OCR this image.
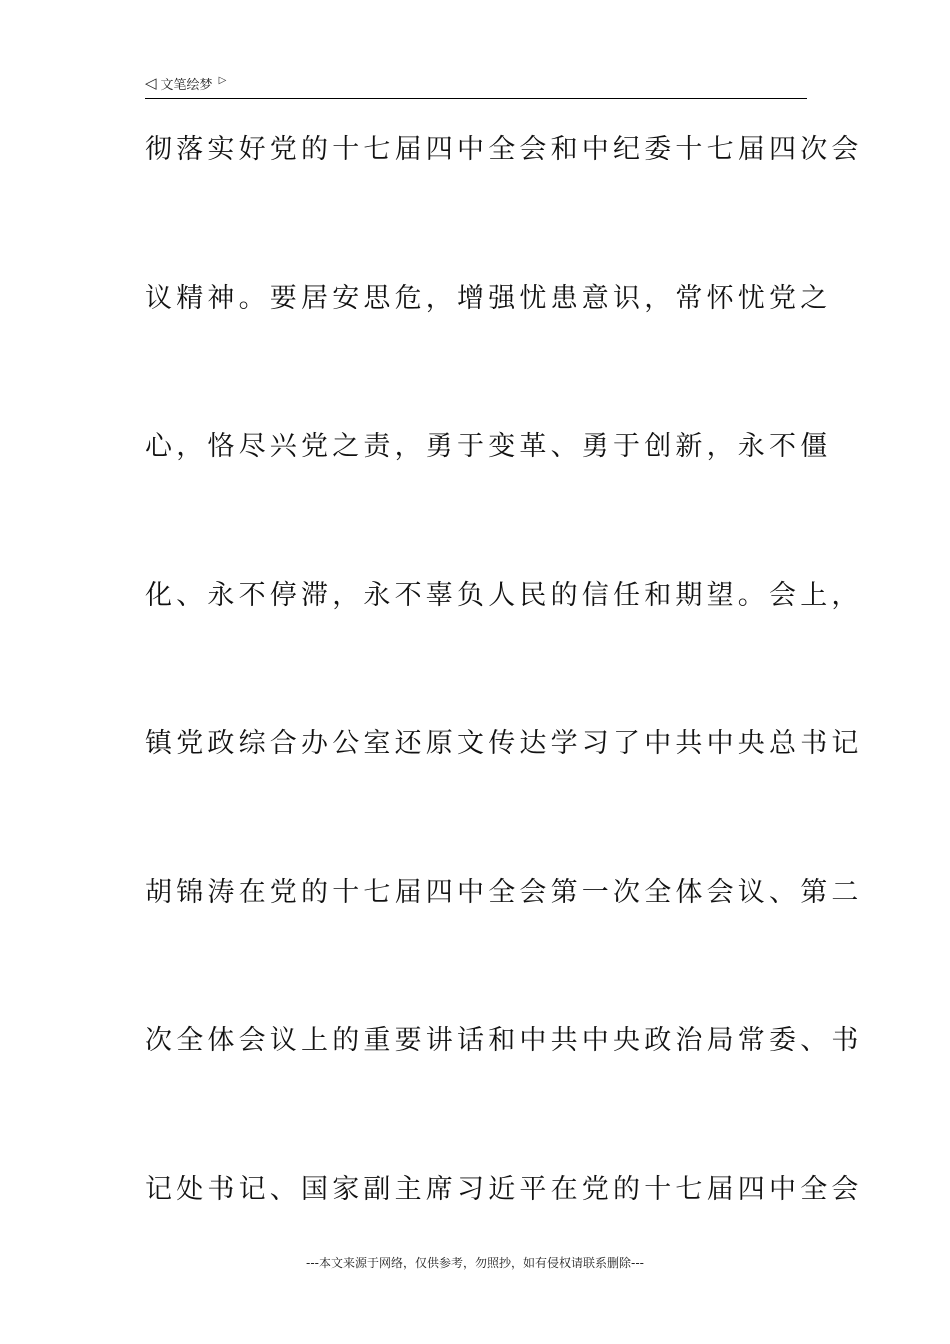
◁ 文笔绘梦 ▷
彻落实好党的十七届四中全会和中纪委十七届四次会
议精神。要居安思危，增强忧患意识，常怀忧党之
心，恪尽兴党之责，勇于变革、勇于创新，永不僵
化、永不停滞，永不辜负人民的信任和期望。会上，
镇党政综合办公室还原文传达学习了中共中央总书记
胡锦涛在党的十七届四中全会第一次全体会议、第二
次全体会议上的重要讲话和中共中央政治局常委、书
记处书记、国家副主席习近平在党的十七届四中全会
---本文来源于网络，仅供参考，勿照抄，如有侵权请联系删除---
